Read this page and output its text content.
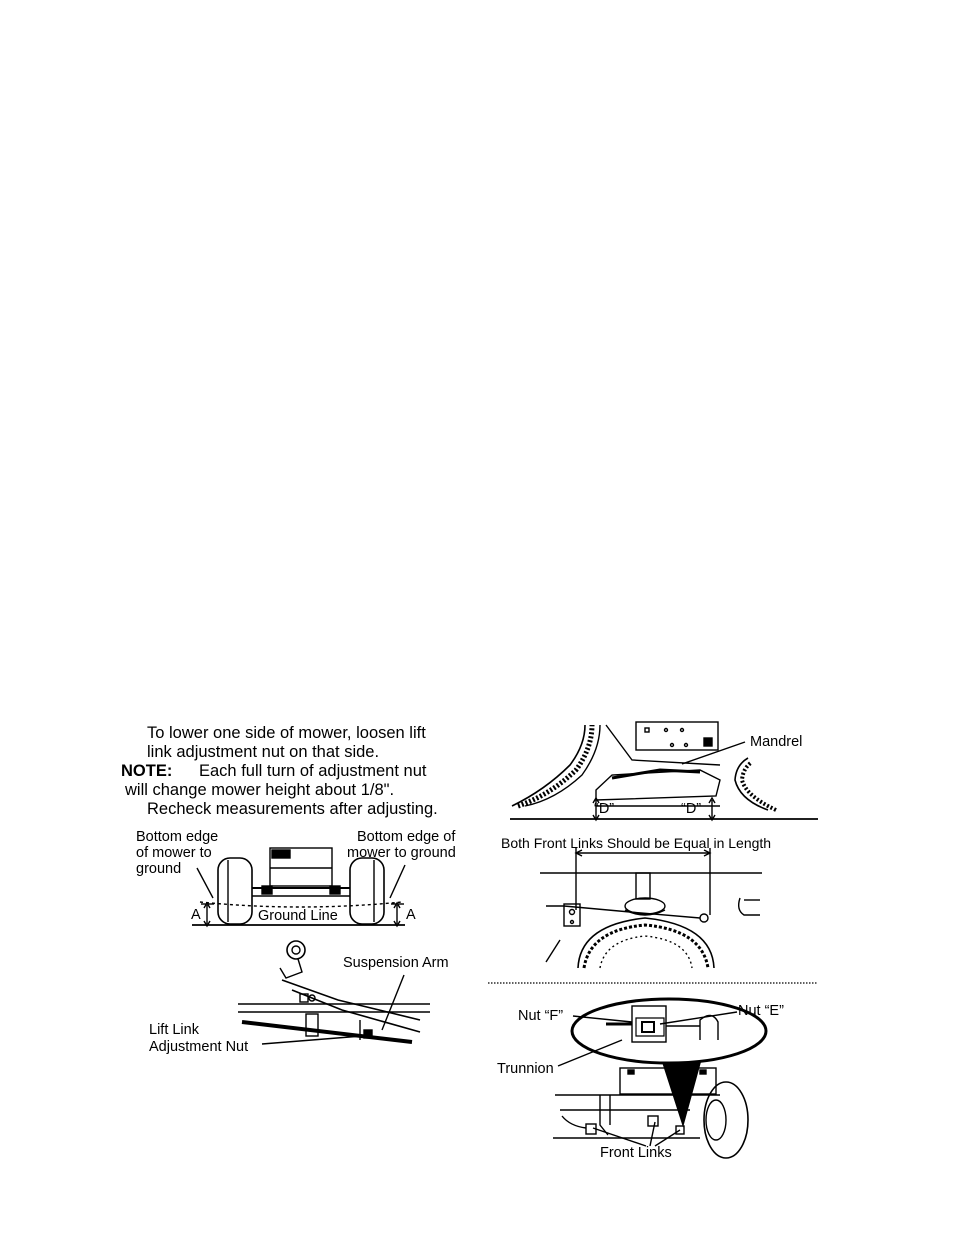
To lower one side of mower, loosen lift
link adjustment nut on that side.
NOTE: Each full turn of adjustment nut
will change mower height about 1/8".
Recheck measurements after adjusting.
Bottom edge
of mower to
ground
Bottom edge of
mower to ground
Ground Line
A	A
Suspension Arm
Lift Link
Adjustment Nut
Mandrel
“D”	“D”
Both Front Links Should be Equal in Length
Nut “F”	Nut “E”
Trunnion
Front Links
